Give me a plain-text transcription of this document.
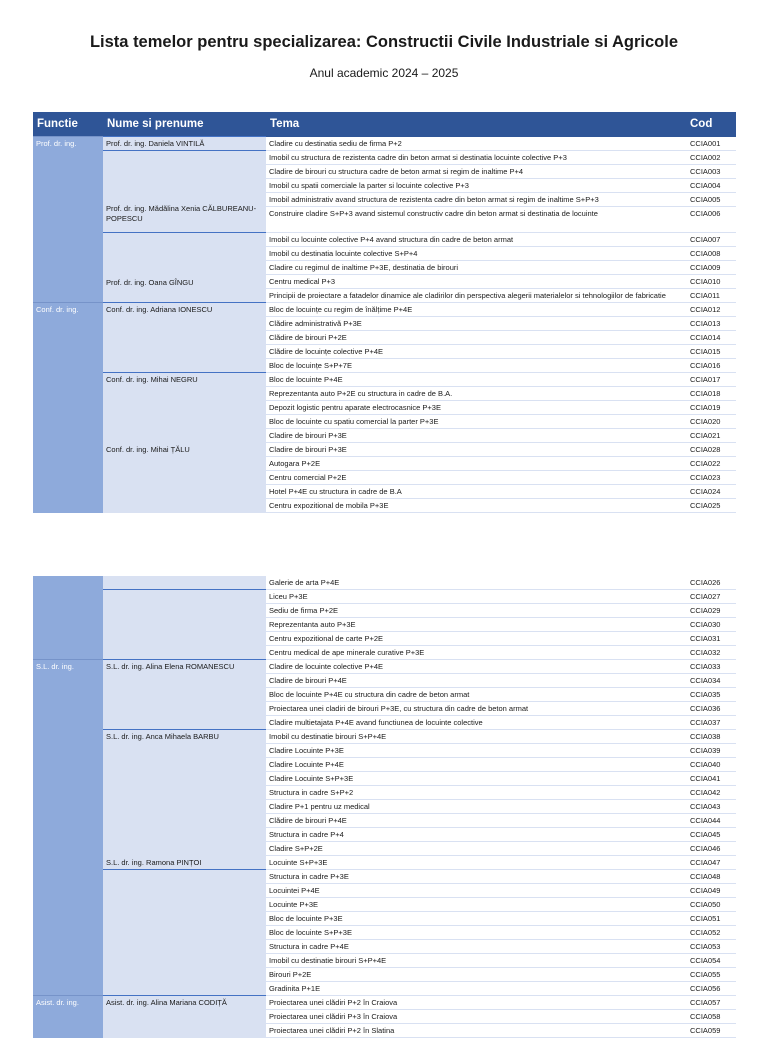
Lista temelor pentru specializarea: Constructii Civile Industriale si Agricole

Anul academic 2024 – 2025

Functie	Nume si prenume	Tema	Cod
Prof. dr. ing.	Prof. dr. ing. Daniela VINTILĂ	Cladire cu destinatia sediu de firma P+2	CCIA001
	Prof. dr. ing. Mădălina Xenia CĂLBUREANU-POPESCU	Imobil cu structura de rezistenta cadre din beton armat si destinatia locuinte colective P+3	CCIA002
		Cladire de birouri cu structura cadre de beton armat si regim de inaltime P+4	CCIA003
		Imobil cu spatii comerciale la parter si locuinte colective P+3	CCIA004
		Imobil administrativ avand structura de rezistenta cadre din beton armat si regim de inaltime S+P+3	CCIA005
		Construire cladire S+P+3 avand sistemul constructiv cadre din beton armat si destinatia de locuinte	CCIA006
	Prof. dr. ing. Oana GÎNGU	Imobil cu locuinte colective P+4 avand structura din cadre de beton armat	CCIA007
		Imobil cu destinatia locuinte colective S+P+4	CCIA008
		Cladire cu regimul de inaltime P+3E, destinatia de birouri	CCIA009
		Centru medical P+3	CCIA010
		Principii de proiectare a fatadelor dinamice ale cladirilor din perspectiva alegerii materialelor si tehnologiilor de fabricatie	CCIA011
Conf. dr. ing.	Conf. dr. ing. Adriana IONESCU	Bloc de locuințe cu regim de înălțime P+4E	CCIA012
		Clădire administrativă P+3E	CCIA013
		Clădire de birouri P+2E	CCIA014
		Clădire de locuințe colective P+4E	CCIA015
		Bloc de locuințe S+P+7E	CCIA016
	Conf. dr. ing. Mihai NEGRU	Bloc de locuinte P+4E	CCIA017
		Reprezentanta auto P+2E cu structura in cadre de B.A.	CCIA018
		Depozit logistic pentru aparate electrocasnice P+3E	CCIA019
		Bloc de locuinte cu spatiu comercial la parter P+3E	CCIA020
		Cladire de birouri P+3E	CCIA021
	Conf. dr. ing. Mihai ȚĂLU	Cladire de birouri P+3E	CCIA028
		Autogara P+2E	CCIA022
		Centru comercial P+2E	CCIA023
		Hotel P+4E cu structura in cadre de B.A	CCIA024
		Centru expozitional de mobila P+3E	CCIA025
		Galerie de arta P+4E	CCIA026
		Liceu P+3E	CCIA027
		Sediu de firma P+2E	CCIA029
		Reprezentanta auto P+3E	CCIA030
		Centru expozitional de carte P+2E	CCIA031
		Centru medical de ape minerale curative P+3E	CCIA032
S.L. dr. ing.	S.L. dr. ing. Alina Elena ROMANESCU	Cladire de locuinte colective P+4E	CCIA033
		Cladire de birouri P+4E	CCIA034
		Bloc de locuinte P+4E cu structura din cadre de beton armat	CCIA035
		Proiectarea unei cladiri de birouri P+3E, cu structura din cadre de beton armat	CCIA036
		Cladire multietajata P+4E avand functiunea de locuinte colective	CCIA037
	S.L. dr. ing. Anca Mihaela BARBU	Imobil cu destinatie birouri S+P+4E	CCIA038
		Cladire Locuinte P+3E	CCIA039
		Cladire Locuinte P+4E	CCIA040
		Cladire Locuinte S+P+3E	CCIA041
		Structura in cadre S+P+2	CCIA042
		Cladire P+1 pentru uz medical	CCIA043
		Clădire de birouri P+4E	CCIA044
		Structura in cadre P+4	CCIA045
		Cladire S+P+2E	CCIA046
	S.L. dr. ing. Ramona PINȚOI	Locuinte S+P+3E	CCIA047
		Structura in cadre P+3E	CCIA048
		Locuintei P+4E	CCIA049
		Locuinte P+3E	CCIA050
		Bloc de locuinte P+3E	CCIA051
		Bloc de locuinte S+P+3E	CCIA052
		Structura in cadre P+4E	CCIA053
		Imobil cu destinatie birouri S+P+4E	CCIA054
		Birouri P+2E	CCIA055
		Gradinita P+1E	CCIA056
Asist. dr. ing.	Asist. dr. ing. Alina Mariana CODIȚĂ	Proiectarea unei clădiri P+2 în Craiova	CCIA057
		Proiectarea unei clădiri P+3 în Craiova	CCIA058
		Proiectarea unei clădiri P+2 în Slatina	CCIA059
